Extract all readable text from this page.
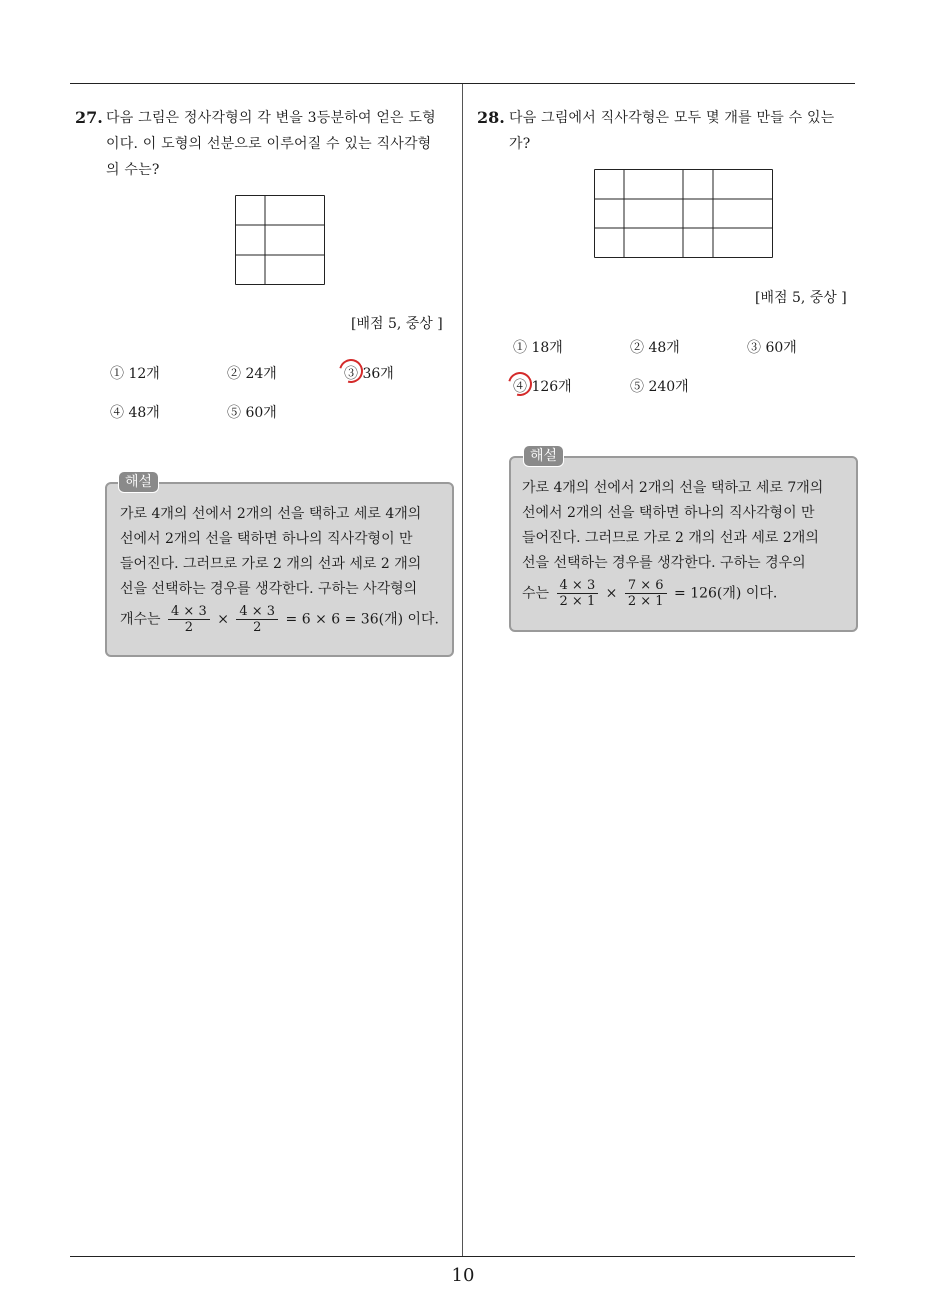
27. 다음 그림은 정사각형의 각 변을 3등분하여 얻은 도형
이다. 이 도형의 선분으로 이루어질 수 있는 직사각형
의 수는?
[배점 5, 중상 ]
① 12개	② 24개	③ 36개
④ 48개	⑤ 60개
해설
가로 4개의 선에서 2개의 선을 택하고 세로 4개의
선에서 2개의 선을 택하면 하나의 직사각형이 만
들어진다. 그러므로 가로 2 개의 선과 세로 2 개의
선을 선택하는 경우를 생각한다. 구하는 사각형의
개수는 $\frac{4 \times 3}{2} \times \frac{4 \times 3}{2} = 6 \times 6 = 36$(개) 이다.
28. 다음 그림에서 직사각형은 모두 몇 개를 만들 수 있는
가?
[배점 5, 중상 ]
① 18개	② 48개	③ 60개
④ 126개	⑤ 240개
해설
가로 4개의 선에서 2개의 선을 택하고 세로 7개의
선에서 2개의 선을 택하면 하나의 직사각형이 만
들어진다. 그러므로 가로 2 개의 선과 세로 2개의
선을 선택하는 경우를 생각한다. 구하는 경우의
수는 $\frac{4 \times 3}{2 \times 1} \times \frac{7 \times 6}{2 \times 1} = 126$(개) 이다.
10
